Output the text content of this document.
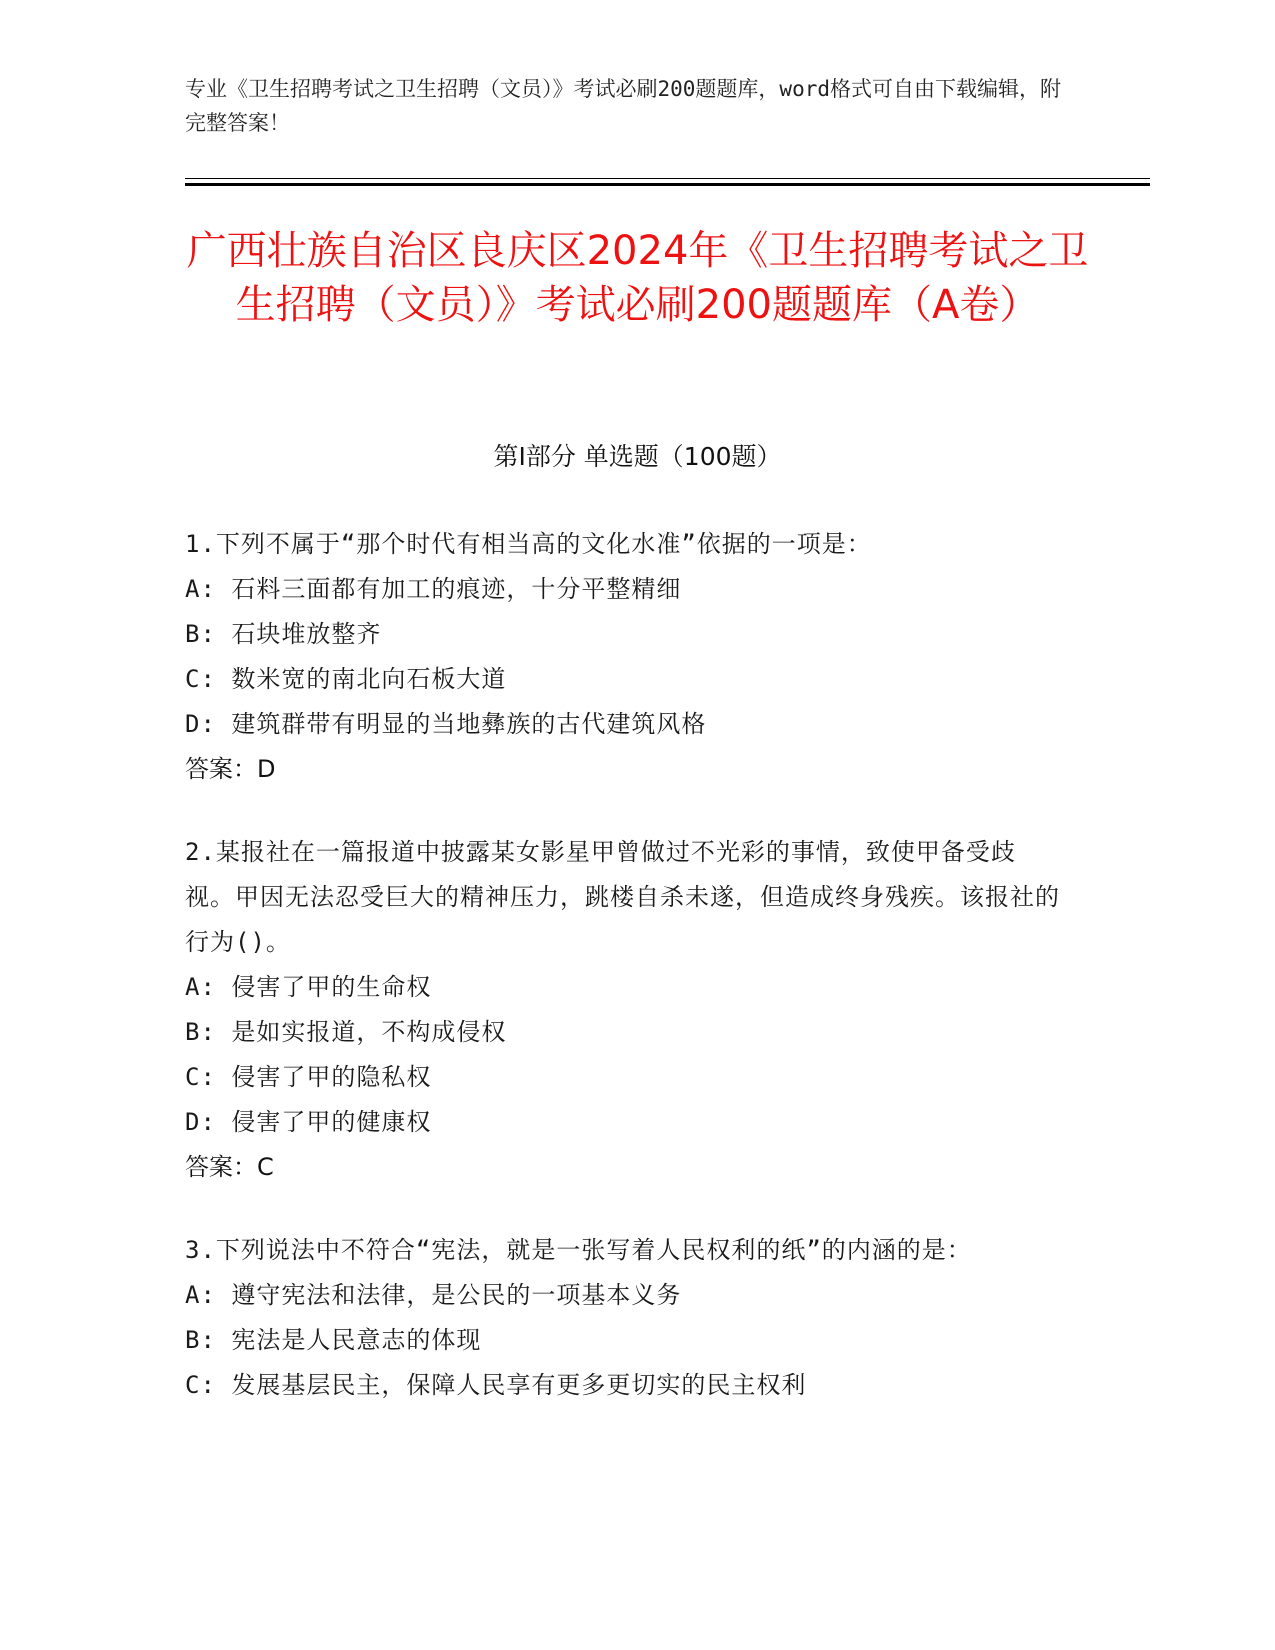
专业《卫生招聘考试之卫生招聘（文员）》考试必刷200题题库，word格式可自由下载编辑，附完整答案！
广西壮族自治区良庆区2024年《卫生招聘考试之卫生招聘（文员）》考试必刷200题题库（A卷）
第I部分 单选题（100题）
1.下列不属于“那个时代有相当高的文化水准”依据的一项是：
A: 石料三面都有加工的痕迹，十分平整精细
B: 石块堆放整齐
C: 数米宽的南北向石板大道
D: 建筑群带有明显的当地彝族的古代建筑风格
答案：D
2.某报社在一篇报道中披露某女影星甲曾做过不光彩的事情，致使甲备受歧视。甲因无法忍受巨大的精神压力，跳楼自杀未遂，但造成终身残疾。该报社的行为()。
A: 侵害了甲的生命权
B: 是如实报道，不构成侵权
C: 侵害了甲的隐私权
D: 侵害了甲的健康权
答案：C
3.下列说法中不符合“宪法，就是一张写着人民权利的纸”的内涵的是：
A: 遵守宪法和法律，是公民的一项基本义务
B: 宪法是人民意志的体现
C: 发展基层民主，保障人民享有更多更切实的民主权利
